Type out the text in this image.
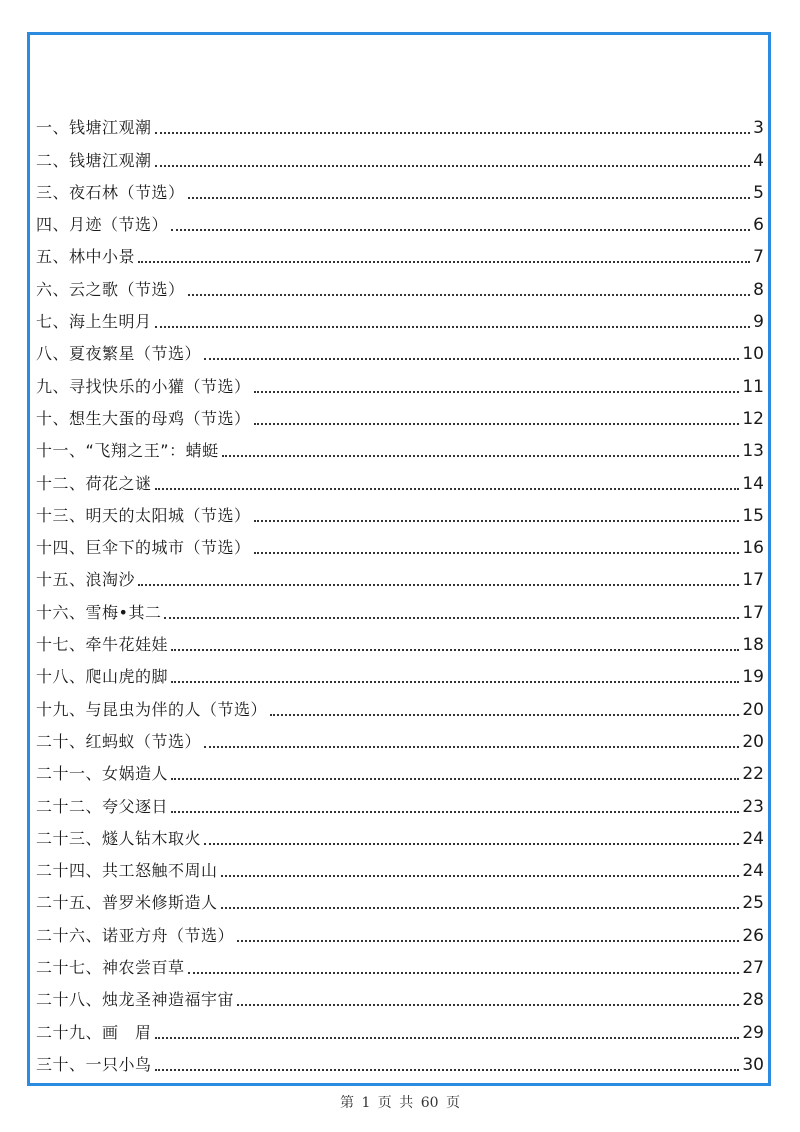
一、钱塘江观潮	3
二、钱塘江观潮	4
三、夜石林（节选）	5
四、月迹（节选）	6
五、林中小景	7
六、云之歌（节选）	8
七、海上生明月	9
八、夏夜繁星（节选）	10
九、寻找快乐的小獾（节选）	11
十、想生大蛋的母鸡（节选）	12
十一、“飞翔之王”：蜻蜓	13
十二、荷花之谜	14
十三、明天的太阳城（节选）	15
十四、巨伞下的城市（节选）	16
十五、浪淘沙	17
十六、雪梅•其二	17
十七、牵牛花娃娃	18
十八、爬山虎的脚	19
十九、与昆虫为伴的人（节选）	20
二十、红蚂蚁（节选）	20
二十一、女娲造人	22
二十二、夸父逐日	23
二十三、燧人钻木取火	24
二十四、共工怒触不周山	24
二十五、普罗米修斯造人	25
二十六、诺亚方舟（节选）	26
二十七、神农尝百草	27
二十八、烛龙圣神造福宇宙	28
二十九、画　眉	29
三十、一只小鸟	30
第 1 页 共 60 页
